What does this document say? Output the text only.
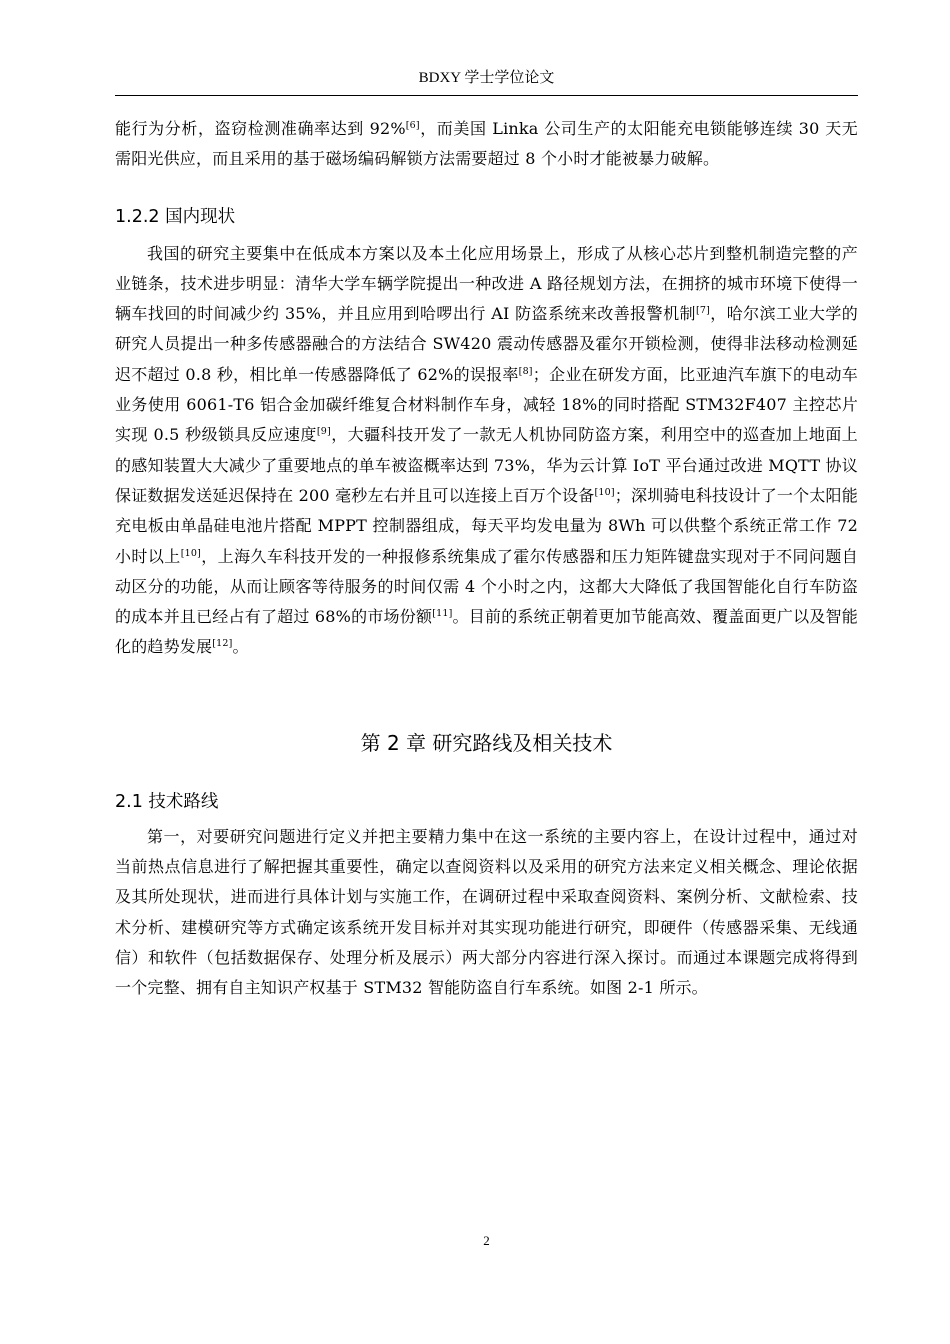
BDXY 学士学位论文

能行为分析，盗窃检测准确率达到 92%[6]，而美国 Linka 公司生产的太阳能充电锁能够连续 30 天无需阳光供应，而且采用的基于磁场编码解锁方法需要超过 8 个小时才能被暴力破解。

1.2.2 国内现状

我国的研究主要集中在低成本方案以及本土化应用场景上，形成了从核心芯片到整机制造完整的产业链条，技术进步明显：清华大学车辆学院提出一种改进 A 路径规划方法，在拥挤的城市环境下使得一辆车找回的时间减少约 35%，并且应用到哈啰出行 AI 防盗系统来改善报警机制[7]，哈尔滨工业大学的研究人员提出一种多传感器融合的方法结合 SW420 震动传感器及霍尔开锁检测，使得非法移动检测延迟不超过 0.8 秒，相比单一传感器降低了 62%的误报率[8]；企业在研发方面，比亚迪汽车旗下的电动车业务使用 6061-T6 铝合金加碳纤维复合材料制作车身，减轻 18%的同时搭配 STM32F407 主控芯片实现 0.5 秒级锁具反应速度[9]，大疆科技开发了一款无人机协同防盗方案，利用空中的巡查加上地面上的感知装置大大减少了重要地点的单车被盗概率达到 73%，华为云计算 IoT 平台通过改进 MQTT 协议保证数据发送延迟保持在 200 毫秒左右并且可以连接上百万个设备[10]；深圳骑电科技设计了一个太阳能充电板由单晶硅电池片搭配 MPPT 控制器组成，每天平均发电量为 8Wh 可以供整个系统正常工作 72 小时以上[10]，上海久车科技开发的一种报修系统集成了霍尔传感器和压力矩阵键盘实现对于不同问题自动区分的功能，从而让顾客等待服务的时间仅需 4 个小时之内，这都大大降低了我国智能化自行车防盗的成本并且已经占有了超过 68%的市场份额[11]。目前的系统正朝着更加节能高效、覆盖面更广以及智能化的趋势发展[12]。

第 2 章 研究路线及相关技术
2.1 技术路线

第一，对要研究问题进行定义并把主要精力集中在这一系统的主要内容上，在设计过程中，通过对当前热点信息进行了解把握其重要性，确定以查阅资料以及采用的研究方法来定义相关概念、理论依据及其所处现状，进而进行具体计划与实施工作，在调研过程中采取查阅资料、案例分析、文献检索、技术分析、建模研究等方式确定该系统开发目标并对其实现功能进行研究，即硬件（传感器采集、无线通信）和软件（包括数据保存、处理分析及展示）两大部分内容进行深入探讨。而通过本课题完成将得到一个完整、拥有自主知识产权基于 STM32 智能防盗自行车系统。如图 2-1 所示。

2
